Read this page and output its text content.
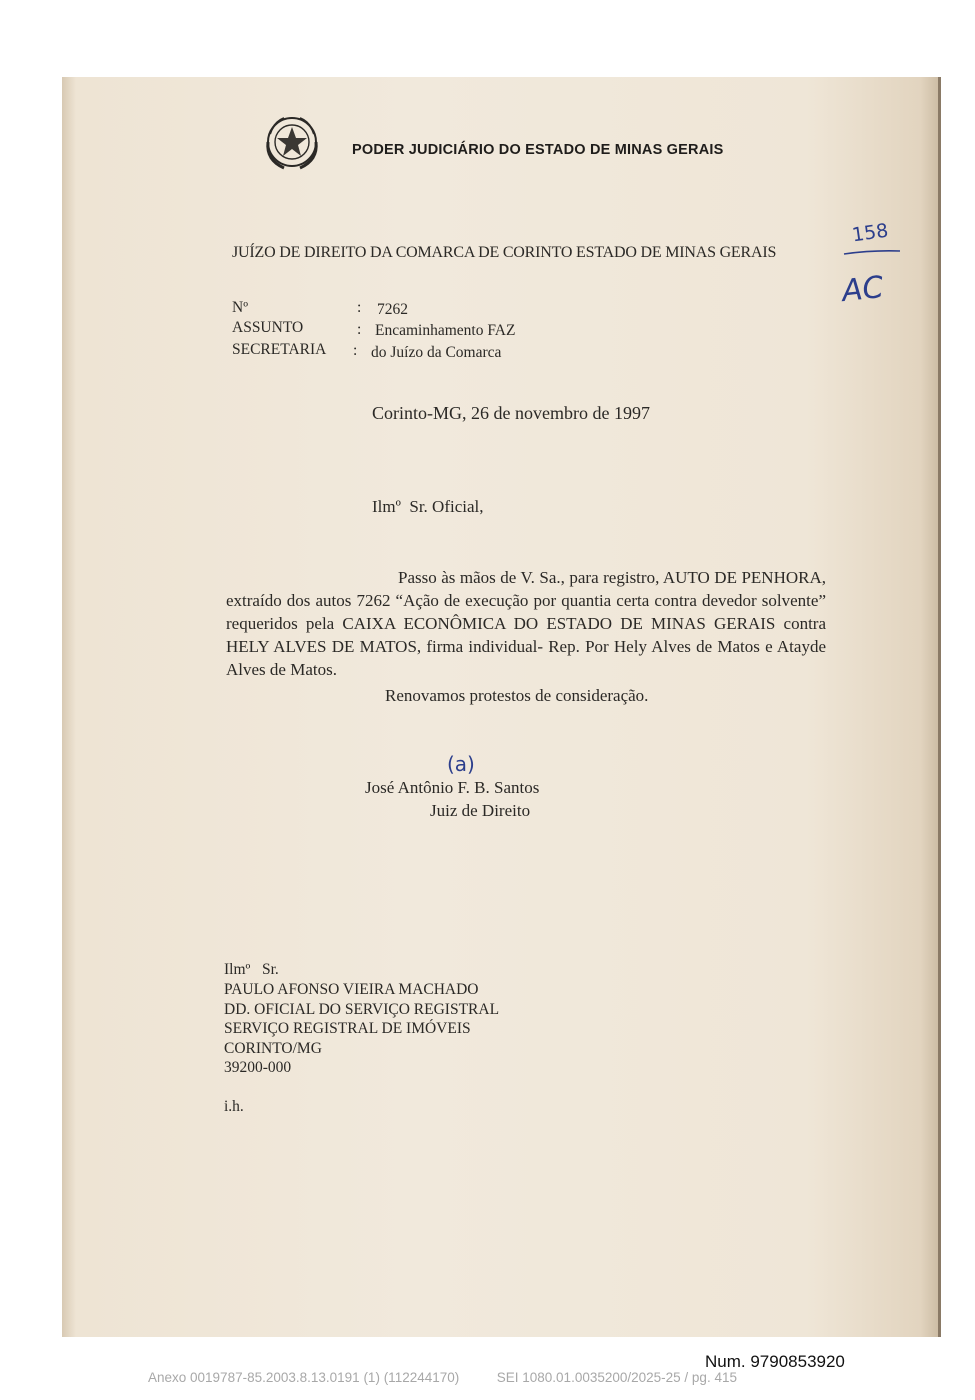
PODER JUDICIÁRIO DO ESTADO DE MINAS GERAIS
JUÍZO DE DIREITO DA COMARCA DE CORINTO ESTADO DE MINAS GERAIS
Nº	: 7262
ASSUNTO	: Encaminhamento FAZ
SECRETARIA : do Juízo da Comarca
Corinto-MG, 26 de novembro de 1997
Ilmº  Sr. Oficial,
Passo às mãos de V. Sa., para registro, AUTO DE PENHORA, extraído dos autos 7262 “Ação de execução por quantia certa contra devedor solvente” requeridos pela CAIXA ECONÔMICA DO ESTADO DE MINAS GERAIS contra HELY ALVES DE MATOS, firma individual- Rep. Por Hely Alves de Matos e Atayde Alves de Matos.
Renovamos protestos de consideração.
(a)
José Antônio F. B. Santos
Juiz de Direito
Ilmº   Sr.
PAULO AFONSO VIEIRA MACHADO
DD. OFICIAL DO SERVIÇO REGISTRAL
SERVIÇO REGISTRAL DE IMÓVEIS
CORINTO/MG
39200-000
i.h.
158
AC
Num. 9790853920
Anexo 0019787-85.2003.8.13.0191 (1) (112244170)          SEI 1080.01.0035200/2025-25 / pg. 415
